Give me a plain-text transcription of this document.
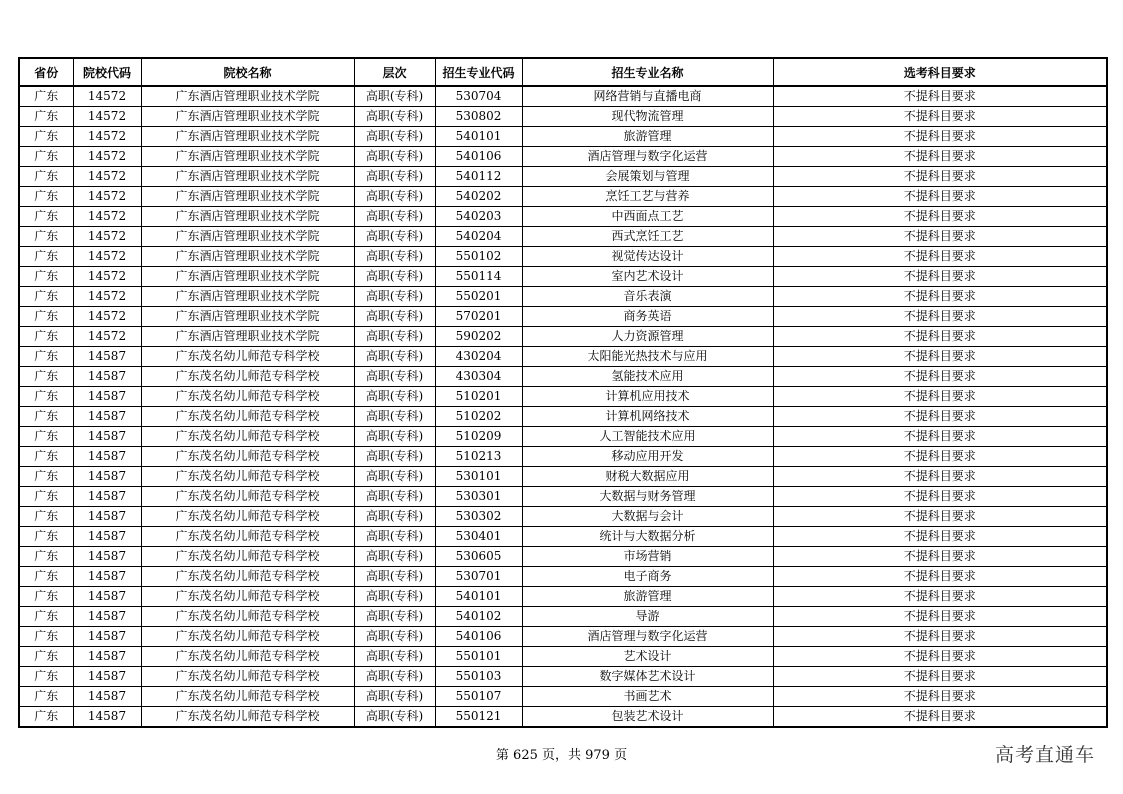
省份	院校代码	院校名称	层次	招生专业代码	招生专业名称	选考科目要求
广东	14572	广东酒店管理职业技术学院	高职(专科)	530704	网络营销与直播电商	不提科目要求
广东	14572	广东酒店管理职业技术学院	高职(专科)	530802	现代物流管理	不提科目要求
广东	14572	广东酒店管理职业技术学院	高职(专科)	540101	旅游管理	不提科目要求
广东	14572	广东酒店管理职业技术学院	高职(专科)	540106	酒店管理与数字化运营	不提科目要求
广东	14572	广东酒店管理职业技术学院	高职(专科)	540112	会展策划与管理	不提科目要求
广东	14572	广东酒店管理职业技术学院	高职(专科)	540202	烹饪工艺与营养	不提科目要求
广东	14572	广东酒店管理职业技术学院	高职(专科)	540203	中西面点工艺	不提科目要求
广东	14572	广东酒店管理职业技术学院	高职(专科)	540204	西式烹饪工艺	不提科目要求
广东	14572	广东酒店管理职业技术学院	高职(专科)	550102	视觉传达设计	不提科目要求
广东	14572	广东酒店管理职业技术学院	高职(专科)	550114	室内艺术设计	不提科目要求
广东	14572	广东酒店管理职业技术学院	高职(专科)	550201	音乐表演	不提科目要求
广东	14572	广东酒店管理职业技术学院	高职(专科)	570201	商务英语	不提科目要求
广东	14572	广东酒店管理职业技术学院	高职(专科)	590202	人力资源管理	不提科目要求
广东	14587	广东茂名幼儿师范专科学校	高职(专科)	430204	太阳能光热技术与应用	不提科目要求
广东	14587	广东茂名幼儿师范专科学校	高职(专科)	430304	氢能技术应用	不提科目要求
广东	14587	广东茂名幼儿师范专科学校	高职(专科)	510201	计算机应用技术	不提科目要求
广东	14587	广东茂名幼儿师范专科学校	高职(专科)	510202	计算机网络技术	不提科目要求
广东	14587	广东茂名幼儿师范专科学校	高职(专科)	510209	人工智能技术应用	不提科目要求
广东	14587	广东茂名幼儿师范专科学校	高职(专科)	510213	移动应用开发	不提科目要求
广东	14587	广东茂名幼儿师范专科学校	高职(专科)	530101	财税大数据应用	不提科目要求
广东	14587	广东茂名幼儿师范专科学校	高职(专科)	530301	大数据与财务管理	不提科目要求
广东	14587	广东茂名幼儿师范专科学校	高职(专科)	530302	大数据与会计	不提科目要求
广东	14587	广东茂名幼儿师范专科学校	高职(专科)	530401	统计与大数据分析	不提科目要求
广东	14587	广东茂名幼儿师范专科学校	高职(专科)	530605	市场营销	不提科目要求
广东	14587	广东茂名幼儿师范专科学校	高职(专科)	530701	电子商务	不提科目要求
广东	14587	广东茂名幼儿师范专科学校	高职(专科)	540101	旅游管理	不提科目要求
广东	14587	广东茂名幼儿师范专科学校	高职(专科)	540102	导游	不提科目要求
广东	14587	广东茂名幼儿师范专科学校	高职(专科)	540106	酒店管理与数字化运营	不提科目要求
广东	14587	广东茂名幼儿师范专科学校	高职(专科)	550101	艺术设计	不提科目要求
广东	14587	广东茂名幼儿师范专科学校	高职(专科)	550103	数字媒体艺术设计	不提科目要求
广东	14587	广东茂名幼儿师范专科学校	高职(专科)	550107	书画艺术	不提科目要求
广东	14587	广东茂名幼儿师范专科学校	高职(专科)	550121	包装艺术设计	不提科目要求
第 625 页，共 979 页	高考直通车
